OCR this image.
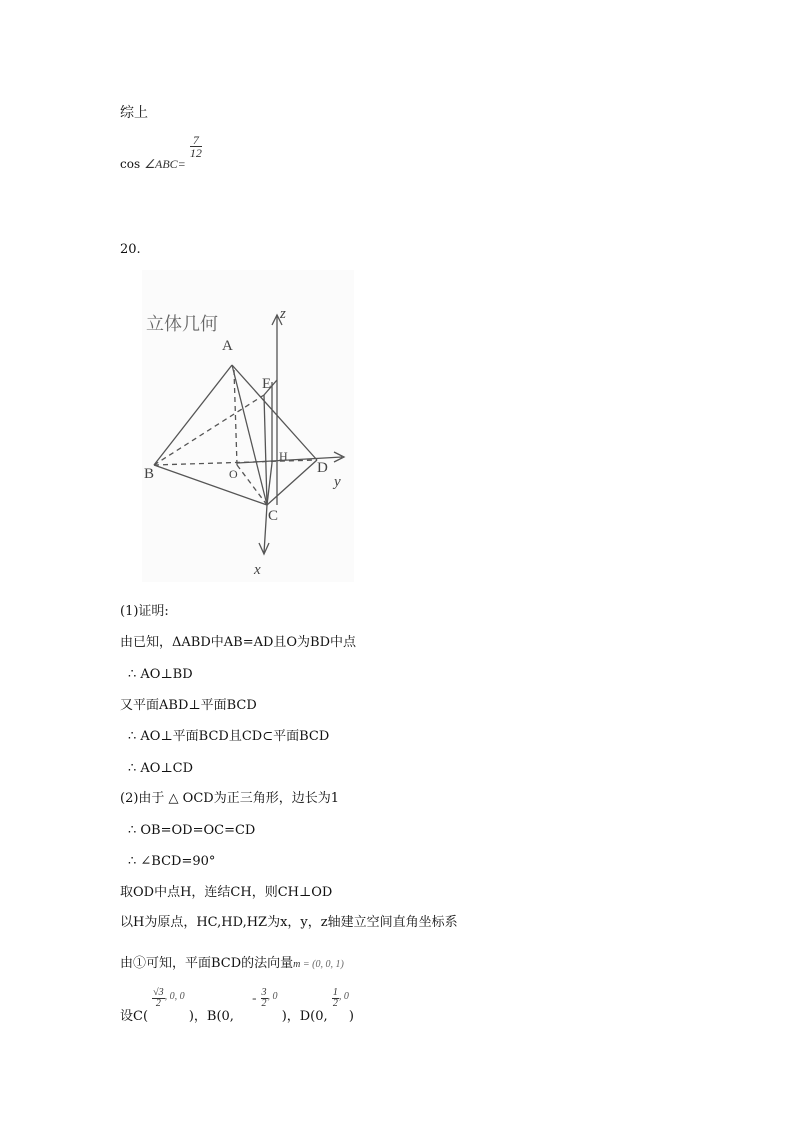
综上
cos ∠ABC=
$\frac{7}{12}$
20.
A
B
C
D
E
H
O
x
y
z
立体几何
(1)证明:
由已知，ΔABD中AB=AD且O为BD中点
∴ AO⊥BD
又平面ABD⊥平面BCD
∴ AO⊥平面BCD且CD⊂平面BCD
∴ AO⊥CD
(2)由于 △ OCD为正三角形，边长为1
∴ OB=OD=OC=CD
∴ ∠BCD=90°
取OD中点H，连结CH，则CH⊥OD
以H为原点，HC,HD,HZ为x，y，z轴建立空间直角坐标系
由①可知，平面BCD的法向量$_m$ $_{= (0, 0, 1)}$
设C(
$\frac{√3}{2} _{, 0, 0}$ )，B(0, - $\frac{3}{2} _{, 0}$ )，D(0,
$\frac{1}{2} _{, 0}$)
